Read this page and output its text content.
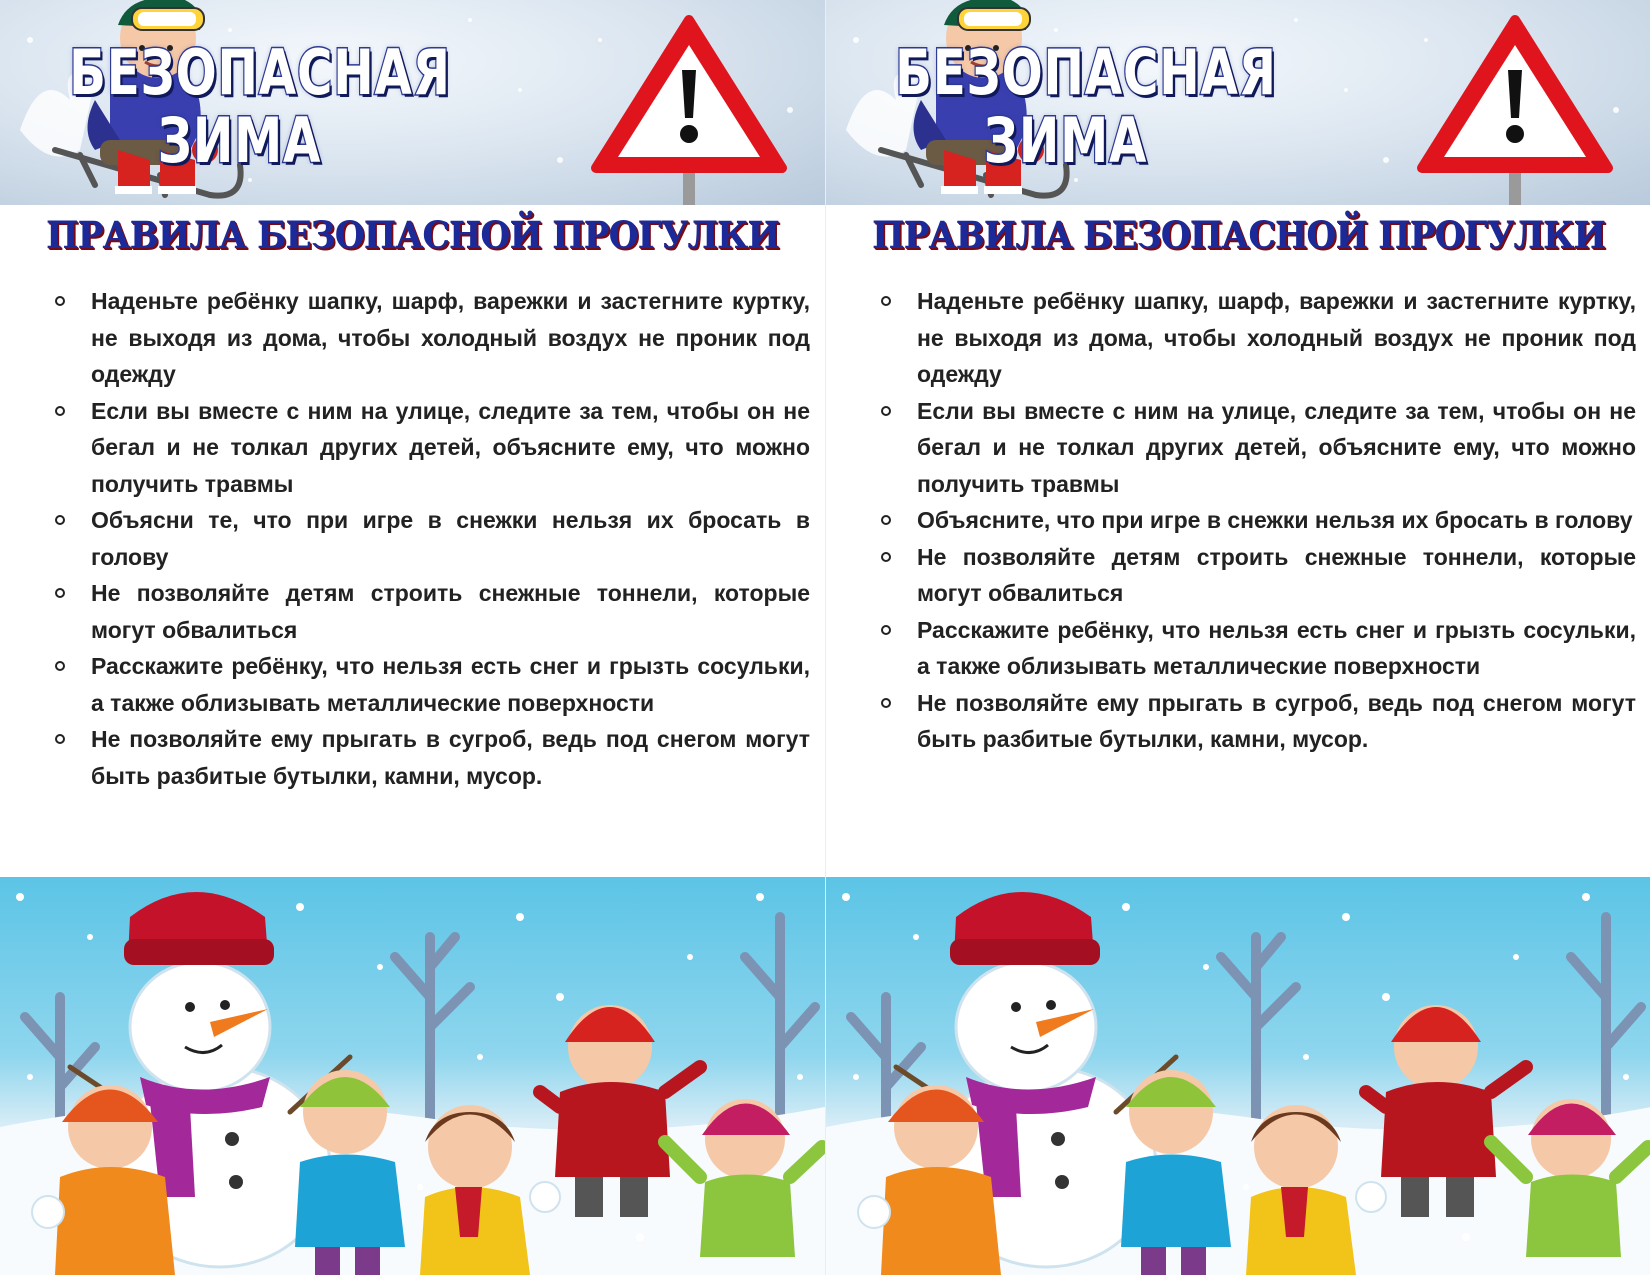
БЕЗОПАСНАЯ
ЗИМА
ПРАВИЛА БЕЗОПАСНОЙ ПРОГУЛКИ
Наденьте ребёнку шапку, шарф, варежки и застегните куртку, не выходя из дома, чтобы холодный воздух не проник под одежду
Если вы вместе с ним на улице, следите за тем, чтобы он не бегал и не толкал других детей, объясните ему, что можно получить травмы
Объясни те, что при игре в снежки нельзя их бросать в голову
Не позволяйте детям строить снежные тоннели, которые могут обвалиться
Расскажите ребёнку, что нельзя есть снег и грызть сосульки, а также облизывать металлические поверхности
Не позволяйте ему прыгать в сугроб, ведь под снегом могут быть разбитые бутылки, камни, мусор.
БЕЗОПАСНАЯ
ЗИМА
ПРАВИЛА БЕЗОПАСНОЙ ПРОГУЛКИ
Наденьте ребёнку шапку, шарф, варежки и застегните куртку, не выходя из дома, чтобы холодный воздух не проник под одежду
Если вы вместе с ним на улице, следите за тем, чтобы он не бегал и не толкал других детей, объясните ему, что можно получить травмы
Объясните, что при игре в снежки нельзя их бросать в голову
Не позволяйте детям строить снежные тоннели, которые могут обвалиться
Расскажите ребёнку, что нельзя есть снег и грызть сосульки, а также облизывать металлические поверхности
Не позволяйте ему прыгать в сугроб, ведь под снегом могут быть разбитые бутылки, камни, мусор.
